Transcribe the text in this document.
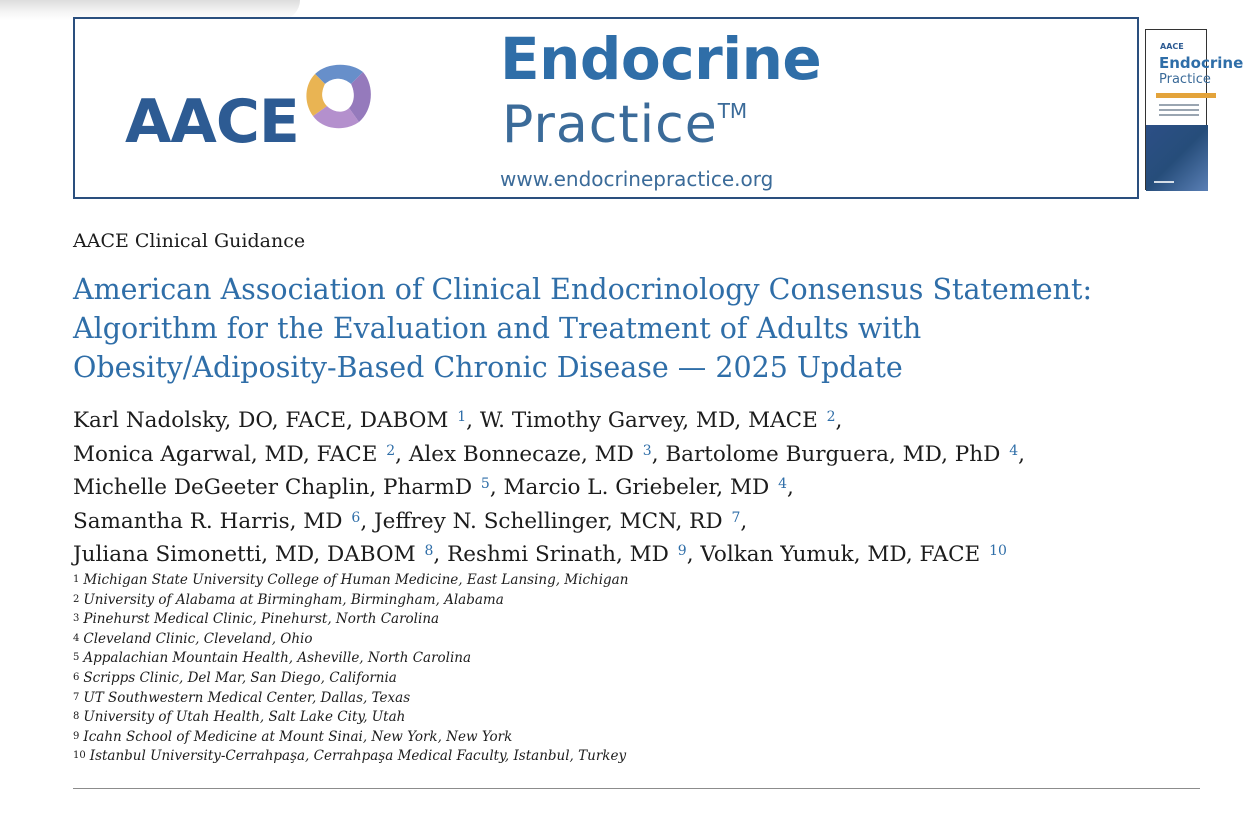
AACE
Endocrine
Practice™
www.endocrinepractice.org
AACE
Endocrine
Practice
AACE Clinical Guidance
American Association of Clinical Endocrinology Consensus Statement: Algorithm for the Evaluation and Treatment of Adults with Obesity/Adiposity-Based Chronic Disease — 2025 Update
Karl Nadolsky, DO, FACE, DABOM $^1$, W. Timothy Garvey, MD, MACE $^2$,
Monica Agarwal, MD, FACE $^2$, Alex Bonnecaze, MD $^3$, Bartolome Burguera, MD, PhD $^4$,
Michelle DeGeeter Chaplin, PharmD $^5$, Marcio L. Griebeler, MD $^4$,
Samantha R. Harris, MD $^6$, Jeffrey N. Schellinger, MCN, RD $^7$,
Juliana Simonetti, MD, DABOM $^8$, Reshmi Srinath, MD $^9$, Volkan Yumuk, MD, FACE $^{10}$
$^1$ Michigan State University College of Human Medicine, East Lansing, Michigan
$^2$ University of Alabama at Birmingham, Birmingham, Alabama
$^3$ Pinehurst Medical Clinic, Pinehurst, North Carolina
$^4$ Cleveland Clinic, Cleveland, Ohio
$^5$ Appalachian Mountain Health, Asheville, North Carolina
$^6$ Scripps Clinic, Del Mar, San Diego, California
$^7$ UT Southwestern Medical Center, Dallas, Texas
$^8$ University of Utah Health, Salt Lake City, Utah
$^9$ Icahn School of Medicine at Mount Sinai, New York, New York
$^{10}$ Istanbul University-Cerrahpaşa, Cerrahpaşa Medical Faculty, Istanbul, Turkey
